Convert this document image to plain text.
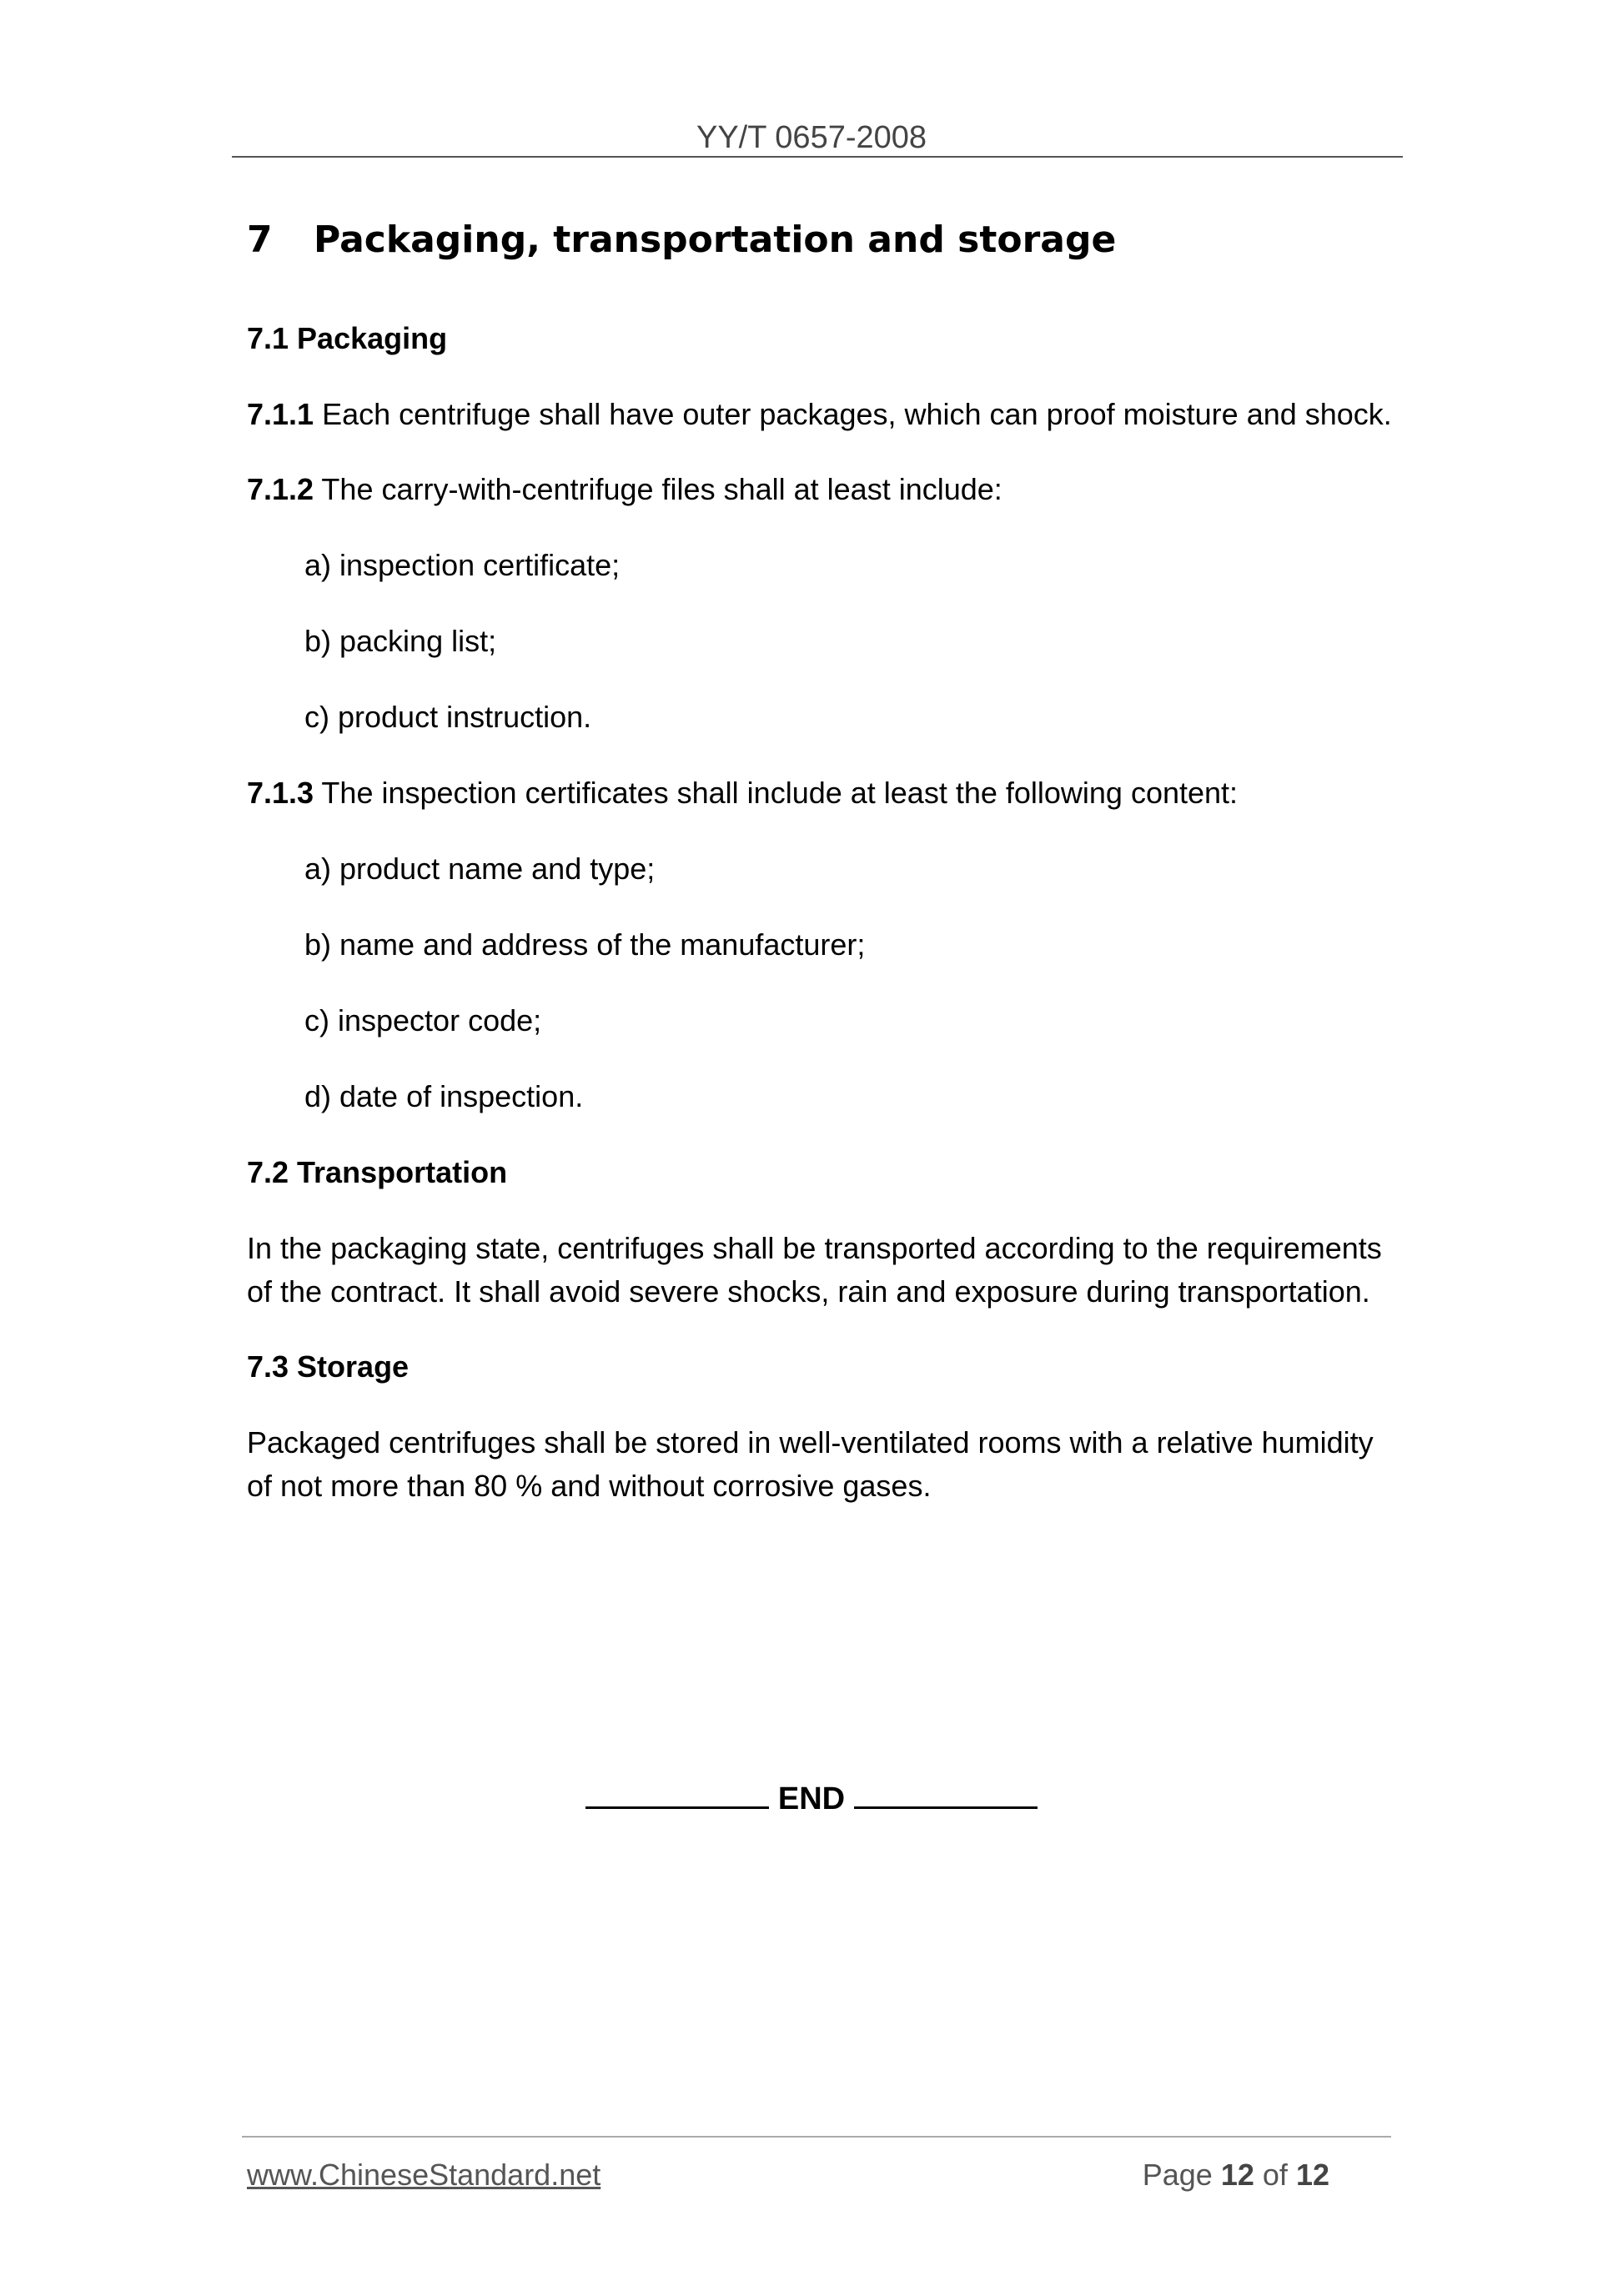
YY/T 0657-2008
7 Packaging, transportation and storage
7.1 Packaging
7.1.1 Each centrifuge shall have outer packages, which can proof moisture and shock.
7.1.2 The carry-with-centrifuge files shall at least include:
a) inspection certificate;
b) packing list;
c) product instruction.
7.1.3 The inspection certificates shall include at least the following content:
a) product name and type;
b) name and address of the manufacturer;
c) inspector code;
d) date of inspection.
7.2 Transportation
In the packaging state, centrifuges shall be transported according to the requirements
of the contract. It shall avoid severe shocks, rain and exposure during transportation.
7.3 Storage
Packaged centrifuges shall be stored in well-ventilated rooms with a relative humidity
of not more than 80 % and without corrosive gases.
END
www.ChineseStandard.net	Page 12 of 12
